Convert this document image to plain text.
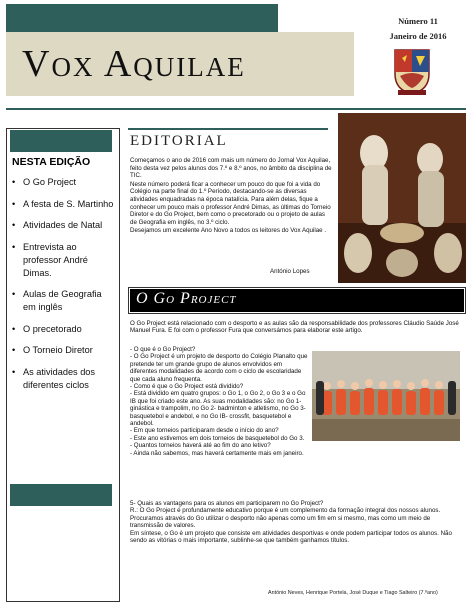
Vox Aquilae
Número 11
Janeiro de 2016
NESTA EDIÇÃO
• O Go Project
• A festa de S. Martinho
• Atividades de Natal
• Entrevista ao professor André Dimas.
• Aulas de Geografia em inglês
• O precetorado
• O Torneio Diretor
• As atividades dos diferentes ciclos
EDITORIAL

Começamos o ano de 2016 com mais um número do Jornal Vox Aquilae, feito desta vez pelos alunos dos 7.º e 8.º anos, no âmbito da disciplina de TIC.

Neste número poderá ficar a conhecer um pouco do que foi a vida do Colégio na parte final do 1.º Período, destacando-se as diversas atividades enquadradas na época natalícia. Para além delas, fique a conhecer um pouco mais o professor André Dimas, as últimas do Torneio Diretor e do Go Project, bem como o precetorado ou o projeto de aulas de Geografia em inglês, no 3.º ciclo.

Desejamos um excelente Ano Novo a todos os leitores do Vox Aquilae .

António Lopes
O Go Project
O Go Project está relacionado com o desporto e as aulas são da responsabilidade dos professores Cláudio Saúde José Manuel Fura. E foi com o professor Fura que conversámos para elaborar este artigo.

- O que é o Go Project?

- O Go Project é um projeto de desporto do Colégio Planalto que pretende ter um grande grupo de alunos envolvidos em diferentes modalidades de acordo com o ciclo de escolaridade que cada aluno frequenta.

- Como é que o Go Project está dividido?

- Está dividido em quatro grupos: o Go 1, o Go 2, o Go 3 e o Go IB que foi criado este ano. As suas modalidades são: no Go 1- ginástica e trampolim, no Go 2- badminton e atletismo, no Go 3- basquetebol e andebol, e no Go IB- crossfit, basquetebol e andebol.

- Em que torneios participaram desde o início do ano?

- Este ano estivemos em dois torneios de basquetebol do Go 3.

- Quantos torneios haverá até ao fim do ano letivo?

- Ainda não sabemos, mas haverá certamente mais em janeiro.

5- Quais as vantagens para os alunos em participarem no Go Project?

R.: O Go Project é profundamente educativo porque é um complemento da formação integral dos nossos alunos. Procuramos através do Go utilizar o desporto não apenas como um fim em si mesmo, mas como um meio de transmissão de valores.

Em síntese, o Go é um projeto que consiste em atividades desportivas e onde podem participar todos os alunos. Não sendo as vitórias o mais importante, sublinhe-se que também ganhamos títulos.

António Neves, Henrique Portela, José Duque e Tiago Salteiro (7.ºano)
